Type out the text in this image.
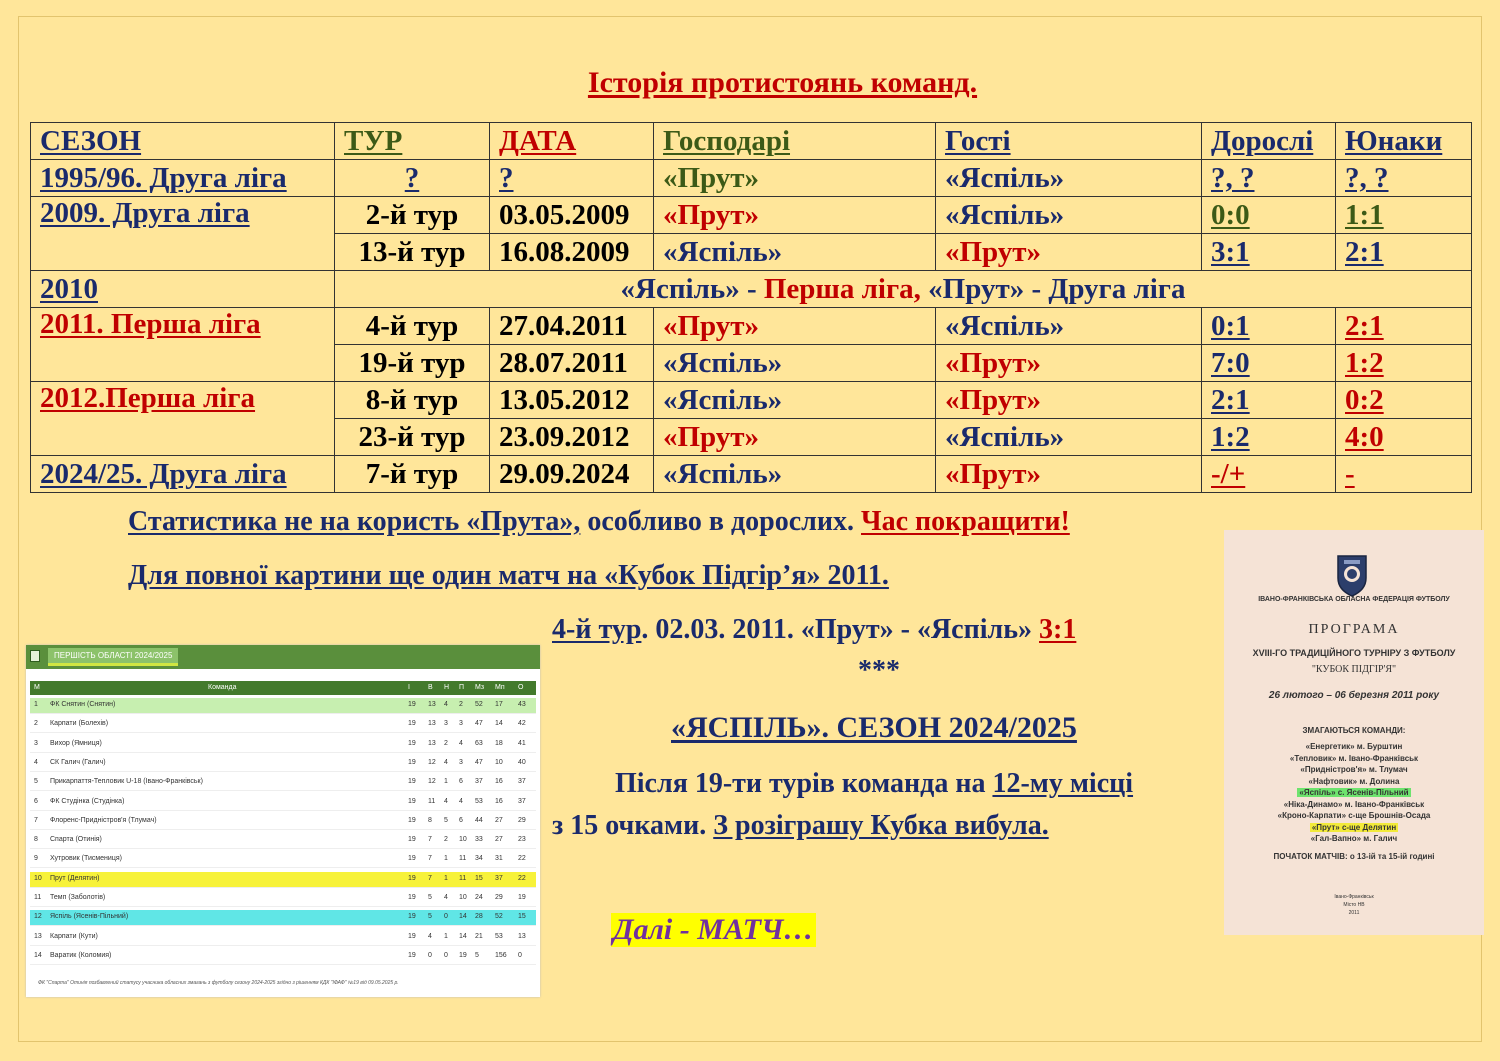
Історія протистоянь команд.
СЕЗОН	ТУР	ДАТА	Господарі	Гості	Дорослі	Юнаки
1995/96. Друга ліга	?	?	«Прут»	«Яспіль»	?, ?	?, ?
2009. Друга ліга	2-й тур	03.05.2009	«Прут»	«Яспіль»	0:0	1:1
	13-й тур	16.08.2009	«Яспіль»	«Прут»	3:1	2:1
2010	«Яспіль» - Перша ліга, «Прут» - Друга ліга					
2011. Перша ліга	4-й тур	27.04.2011	«Прут»	«Яспіль»	0:1	2:1
	19-й тур	28.07.2011	«Яспіль»	«Прут»	7:0	1:2
2012.Перша ліга	8-й тур	13.05.2012	«Яспіль»	«Прут»	2:1	0:2
	23-й тур	23.09.2012	«Прут»	«Яспіль»	1:2	4:0
2024/25. Друга ліга	7-й тур	29.09.2024	«Яспіль»	«Прут»	-/+	-
Статистика не на користь «Прута», особливо в дорослих. Час покращити!
Для повної картини ще один матч на «Кубок Підгір’я» 2011.
4-й тур. 02.03. 2011. «Прут» - «Яспіль» 3:1
***
«ЯСПІЛЬ». СЕЗОН 2024/2025
Після 19-ти турів команда на 12-му місці
з 15 очками. З розіграшу Кубка вибула.
Далі - МАТЧ…
ПЕРШІСТЬ ОБЛАСТІ 2024/2025
М	Команда	І	В Н П Мз Мп О
1 ФК Снятин (Снятин)	19 13 4 2 52 17 43
2 Карпати (Болехів)	19 13 3 3 47 14 42
3 Вихор (Ямниця)	19 13 2 4 63 18 41
4 СК Галич (Галич)	19 12 4 3 47 10 40
5 Прикарпаття-Тепловик U-18 (Івано-Франківськ)	19 12 1 6 37 16 37
6 ФК Студінка (Студінка)	19 11 4 4 53 16 37
7 Флоренс-Придністров'я (Тлумач)	19 8 5 6 44 27 29
8 Спарта (Отинія)	19 7 2 10 33 27 23
9 Хутровик (Тисмениця)	19 7 1 11 34 31 22
10 Прут (Делятин)	19 7 1 11 15 37 22
11 Темп (Заболотів)	19 5 4 10 24 29 19
12 Яспіль (Ясенів-Пільний)	19 5 0 14 28 52 15
13 Карпати (Кути)	19 4 1 14 21 53 13
14 Варатик (Коломия)	19 0 0 19 5 156 0
ФК "Спарта" Отинія позбавлений статусу учасника обласних змагань з футболу сезону 2024-2025 згідно з рішенням КДК "ІФАФ" №19 від 09.05.2025 р.
ІВАНО-ФРАНКІВСЬКА ОБЛАСНА ФЕДЕРАЦІЯ ФУТБОЛУ
ПРОГРАМА
XVIII-ГО ТРАДИЦІЙНОГО ТУРНІРУ З ФУТБОЛУ
"КУБОК ПІДГІР'Я"
26 лютого – 06 березня 2011 року
ЗМАГАЮТЬСЯ КОМАНДИ:
«Енергетик» м. Бурштин
«Тепловик» м. Івано-Франківськ
«Придністров'я» м. Тлумач
«Нафтовик» м. Долина
«Яспіль» с. Ясенів-Пільний
«Ніка-Динамо» м. Івано-Франківськ
«Кроно-Карпати» с-ще Брошнів-Осада
«Прут» с-ще Делятин
«Гал-Вапно» м. Галич
ПОЧАТОК МАТЧІВ: о 13-ій та 15-ій годині
Івано-Франківськ
Місто НВ
2011
